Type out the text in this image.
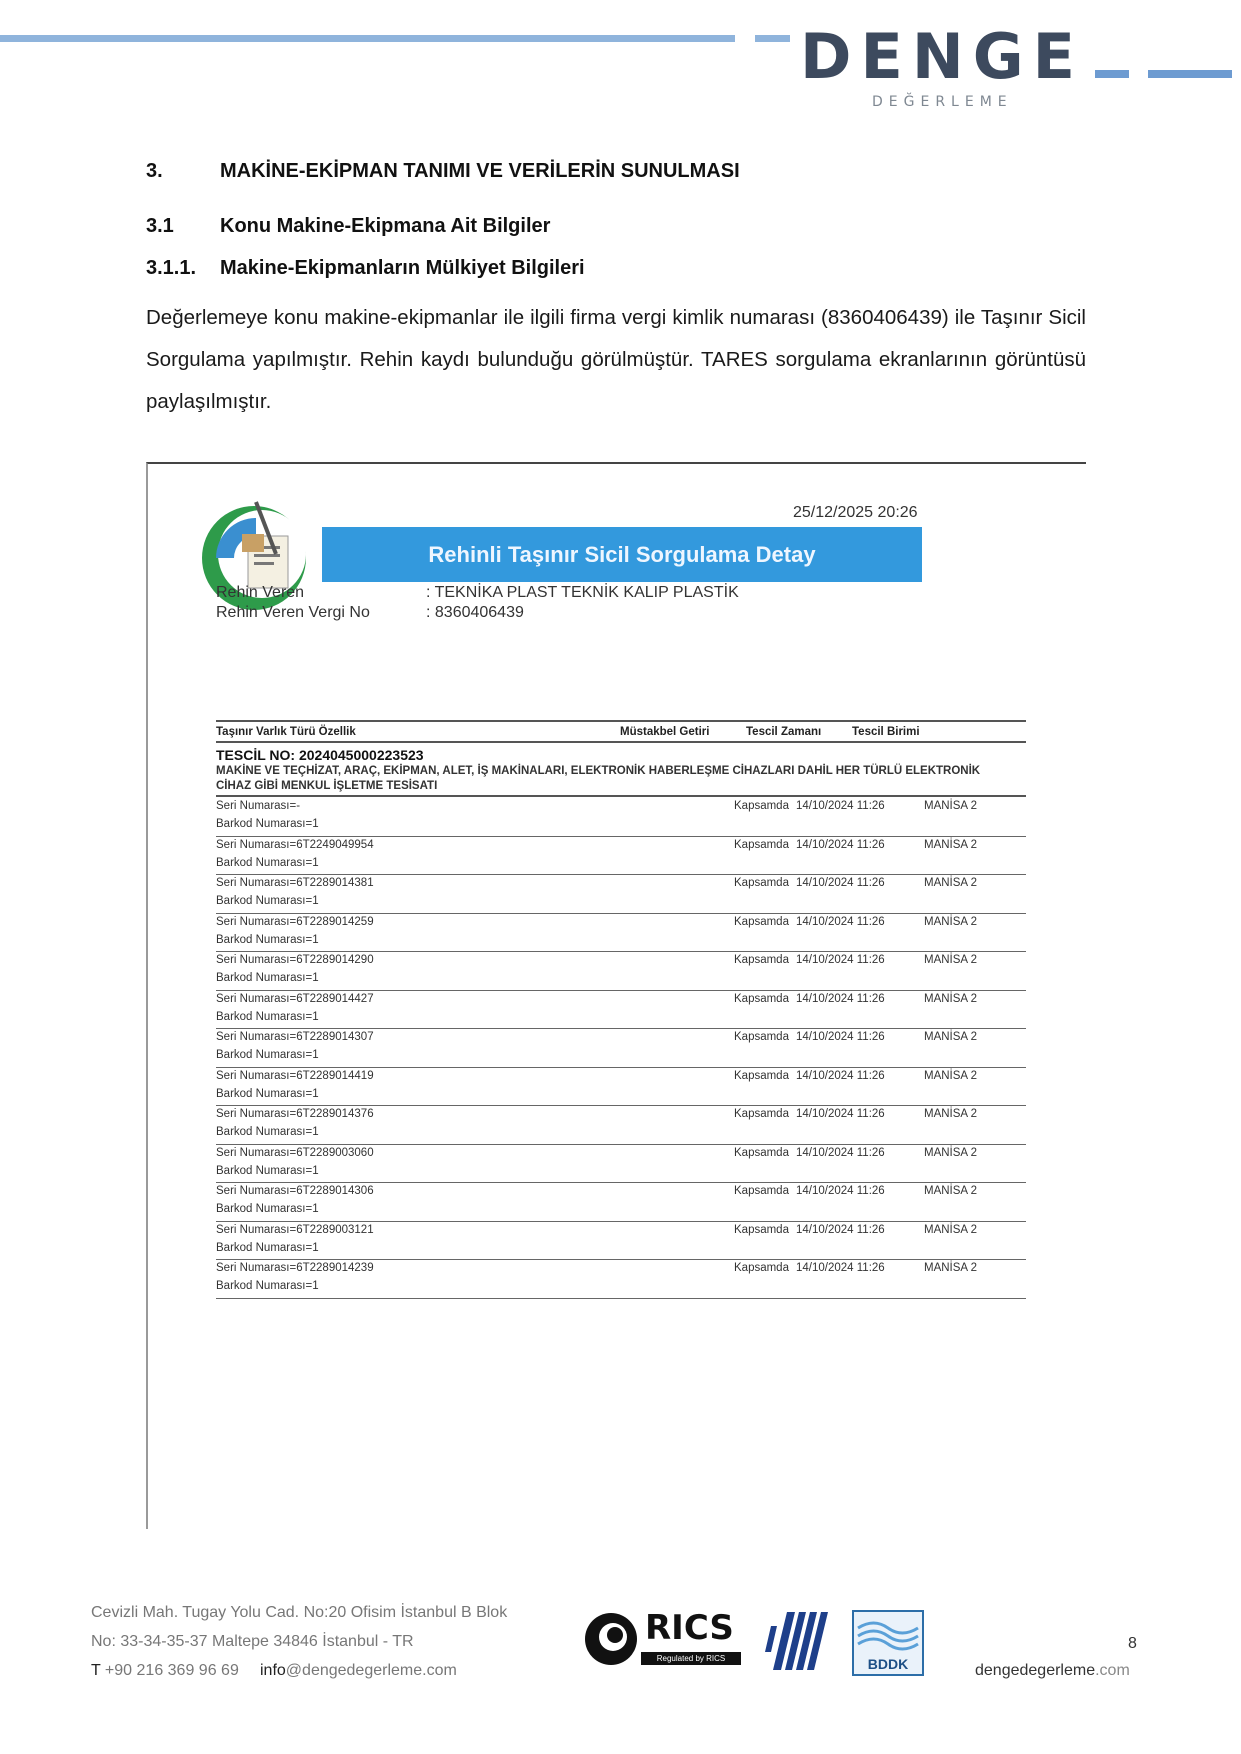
DENGE
DEĞERLEME
3.	MAKİNE-EKİPMAN TANIMI VE VERİLERİN SUNULMASI
3.1 Konu Makine-Ekipmana Ait Bilgiler
3.1.1. Makine-Ekipmanların Mülkiyet Bilgileri
Değerlemeye konu makine-ekipmanlar ile ilgili firma vergi kimlik numarası (8360406439) ile Taşınır Sicil Sorgulama yapılmıştır. Rehin kaydı bulunduğu görülmüştür. TARES sorgulama ekranlarının görüntüsü paylaşılmıştır.
25/12/2025 20:26
Rehinli Taşınır Sicil Sorgulama Detay
Rehin Veren	: TEKNİKA PLAST TEKNİK KALIP PLASTİK
Rehin Veren Vergi No	: 8360406439
Taşınır Varlık Türü Özellik	Müstakbel Getiri	Tescil Zamanı	Tescil Birimi
TESCİL NO: 2024045000223523
MAKİNE VE TEÇHİZAT, ARAÇ, EKİPMAN, ALET, İŞ MAKİNALARI, ELEKTRONİK HABERLEŞME CİHAZLARI DAHİL HER TÜRLÜ ELEKTRONİK CİHAZ GİBİ MENKUL İŞLETME TESİSATI
Seri Numarası=-
Barkod Numarası=1
Kapsamda 14/10/2024 11:26	MANİSA 2
Seri Numarası=6T2249049954
Barkod Numarası=1
Kapsamda 14/10/2024 11:26	MANİSA 2
Seri Numarası=6T2289014381
Barkod Numarası=1
Kapsamda 14/10/2024 11:26	MANİSA 2
Seri Numarası=6T2289014259
Barkod Numarası=1
Kapsamda 14/10/2024 11:26	MANİSA 2
Seri Numarası=6T2289014290
Barkod Numarası=1
Kapsamda 14/10/2024 11:26	MANİSA 2
Seri Numarası=6T2289014427
Barkod Numarası=1
Kapsamda 14/10/2024 11:26	MANİSA 2
Seri Numarası=6T2289014307
Barkod Numarası=1
Kapsamda 14/10/2024 11:26	MANİSA 2
Seri Numarası=6T2289014419
Barkod Numarası=1
Kapsamda 14/10/2024 11:26	MANİSA 2
Seri Numarası=6T2289014376
Barkod Numarası=1
Kapsamda 14/10/2024 11:26	MANİSA 2
Seri Numarası=6T2289003060
Barkod Numarası=1
Kapsamda 14/10/2024 11:26	MANİSA 2
Seri Numarası=6T2289014306
Barkod Numarası=1
Kapsamda 14/10/2024 11:26	MANİSA 2
Seri Numarası=6T2289003121
Barkod Numarası=1
Kapsamda 14/10/2024 11:26	MANİSA 2
Seri Numarası=6T2289014239
Barkod Numarası=1
Kapsamda 14/10/2024 11:26	MANİSA 2
Cevizli Mah. Tugay Yolu Cad. No:20 Ofisim İstanbul B Blok
No: 33-34-35-37 Maltepe 34846 İstanbul - TR
T +90 216 369 96 69 info@dengedegerleme.com
RICS
Regulated by RICS	BDDK
8
dengedegerleme.com
